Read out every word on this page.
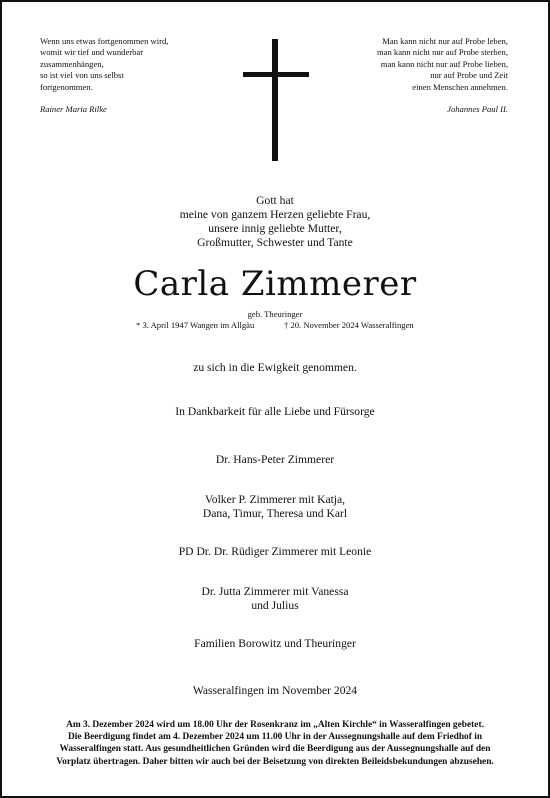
Wenn uns etwas fortgenommen wird,
womit wir tief und wunderbar
zusammenhängen,
so ist viel von uns selbst
fortgenommen.
Rainer Maria Rilke
Man kann nicht nur auf Probe leben,
man kann nicht nur auf Probe sterben,
man kann nicht nur auf Probe lieben,
nur auf Probe und Zeit
einen Menschen annehmen.
Johannes Paul II.
Gott hat
meine von ganzem Herzen geliebte Frau,
unsere innig geliebte Mutter,
Großmutter, Schwester und Tante
Carla Zimmerer
geb. Theuringer
* 3. April 1947 Wangen im Allgäu	† 20. November 2024 Wasseralfingen
zu sich in die Ewigkeit genommen.
In Dankbarkeit für alle Liebe und Fürsorge
Dr. Hans-Peter Zimmerer
Volker P. Zimmerer mit Katja,
Dana, Timur, Theresa und Karl
PD Dr. Dr. Rüdiger Zimmerer mit Leonie
Dr. Jutta Zimmerer mit Vanessa
und Julius
Familien Borowitz und Theuringer
Wasseralfingen im November 2024
Am 3. Dezember 2024 wird um 18.00 Uhr der Rosenkranz im „Alten Kirchle“ in Wasseralfingen gebetet.
Die Beerdigung findet am 4. Dezember 2024 um 11.00 Uhr in der Aussegnungshalle auf dem Friedhof in
Wasseralfingen statt. Aus gesundheitlichen Gründen wird die Beerdigung aus der Aussegnungshalle auf den
Vorplatz übertragen. Daher bitten wir auch bei der Beisetzung von direkten Beileidsbekundungen abzusehen.
